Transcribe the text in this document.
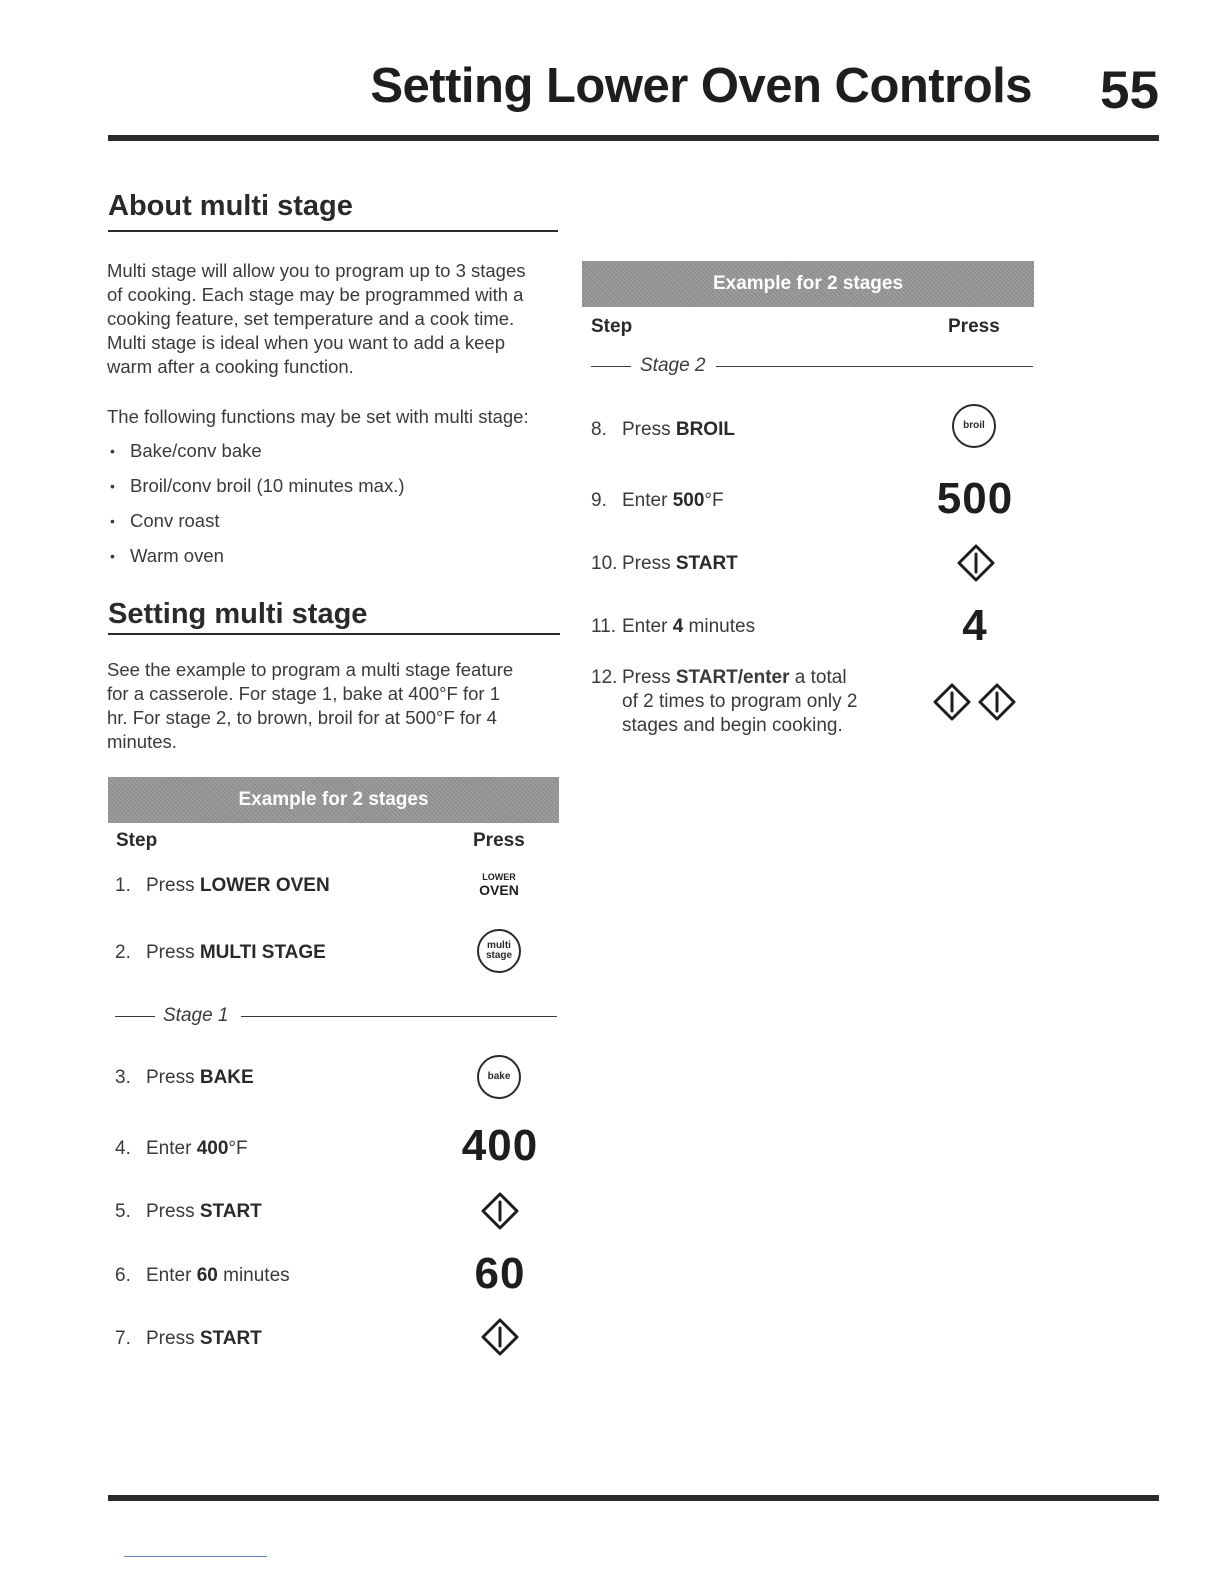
Setting Lower Oven Controls 55
About multi stage

Multi stage will allow you to program up to 3 stages

of cooking. Each stage may be programmed with a

cooking feature, set temperature and a cook time.

Multi stage is ideal when you want to add a keep

warm after a cooking function.

The following functions may be set with multi stage:

• Bake/conv bake
• Broil/conv broil (10 minutes max.)
• Conv roast
• Warm oven
Setting multi stage

See the example to program a multi stage feature

for a casserole. For stage 1, bake at 400°F for 1

hr. For stage 2, to brown, broil for at 500°F for 4

minutes.

Example for 2 stages
Step	Press
1. Press LOWER OVEN	LOWER
OVEN
2. Press MULTI STAGE	multi
stage
Stage 1
3. Press BAKE	bake
4. Enter 400°F	400
5. Press START
6. Enter 60 minutes	60
7. Press START
Example for 2 stages
Step	Press
Stage 2
8. Press BROIL	broil
9. Enter 500°F	500
10. Press START
11. Enter 4 minutes	4
12. Press START/enter a total
of 2 times to program only 2
stages and begin cooking.
